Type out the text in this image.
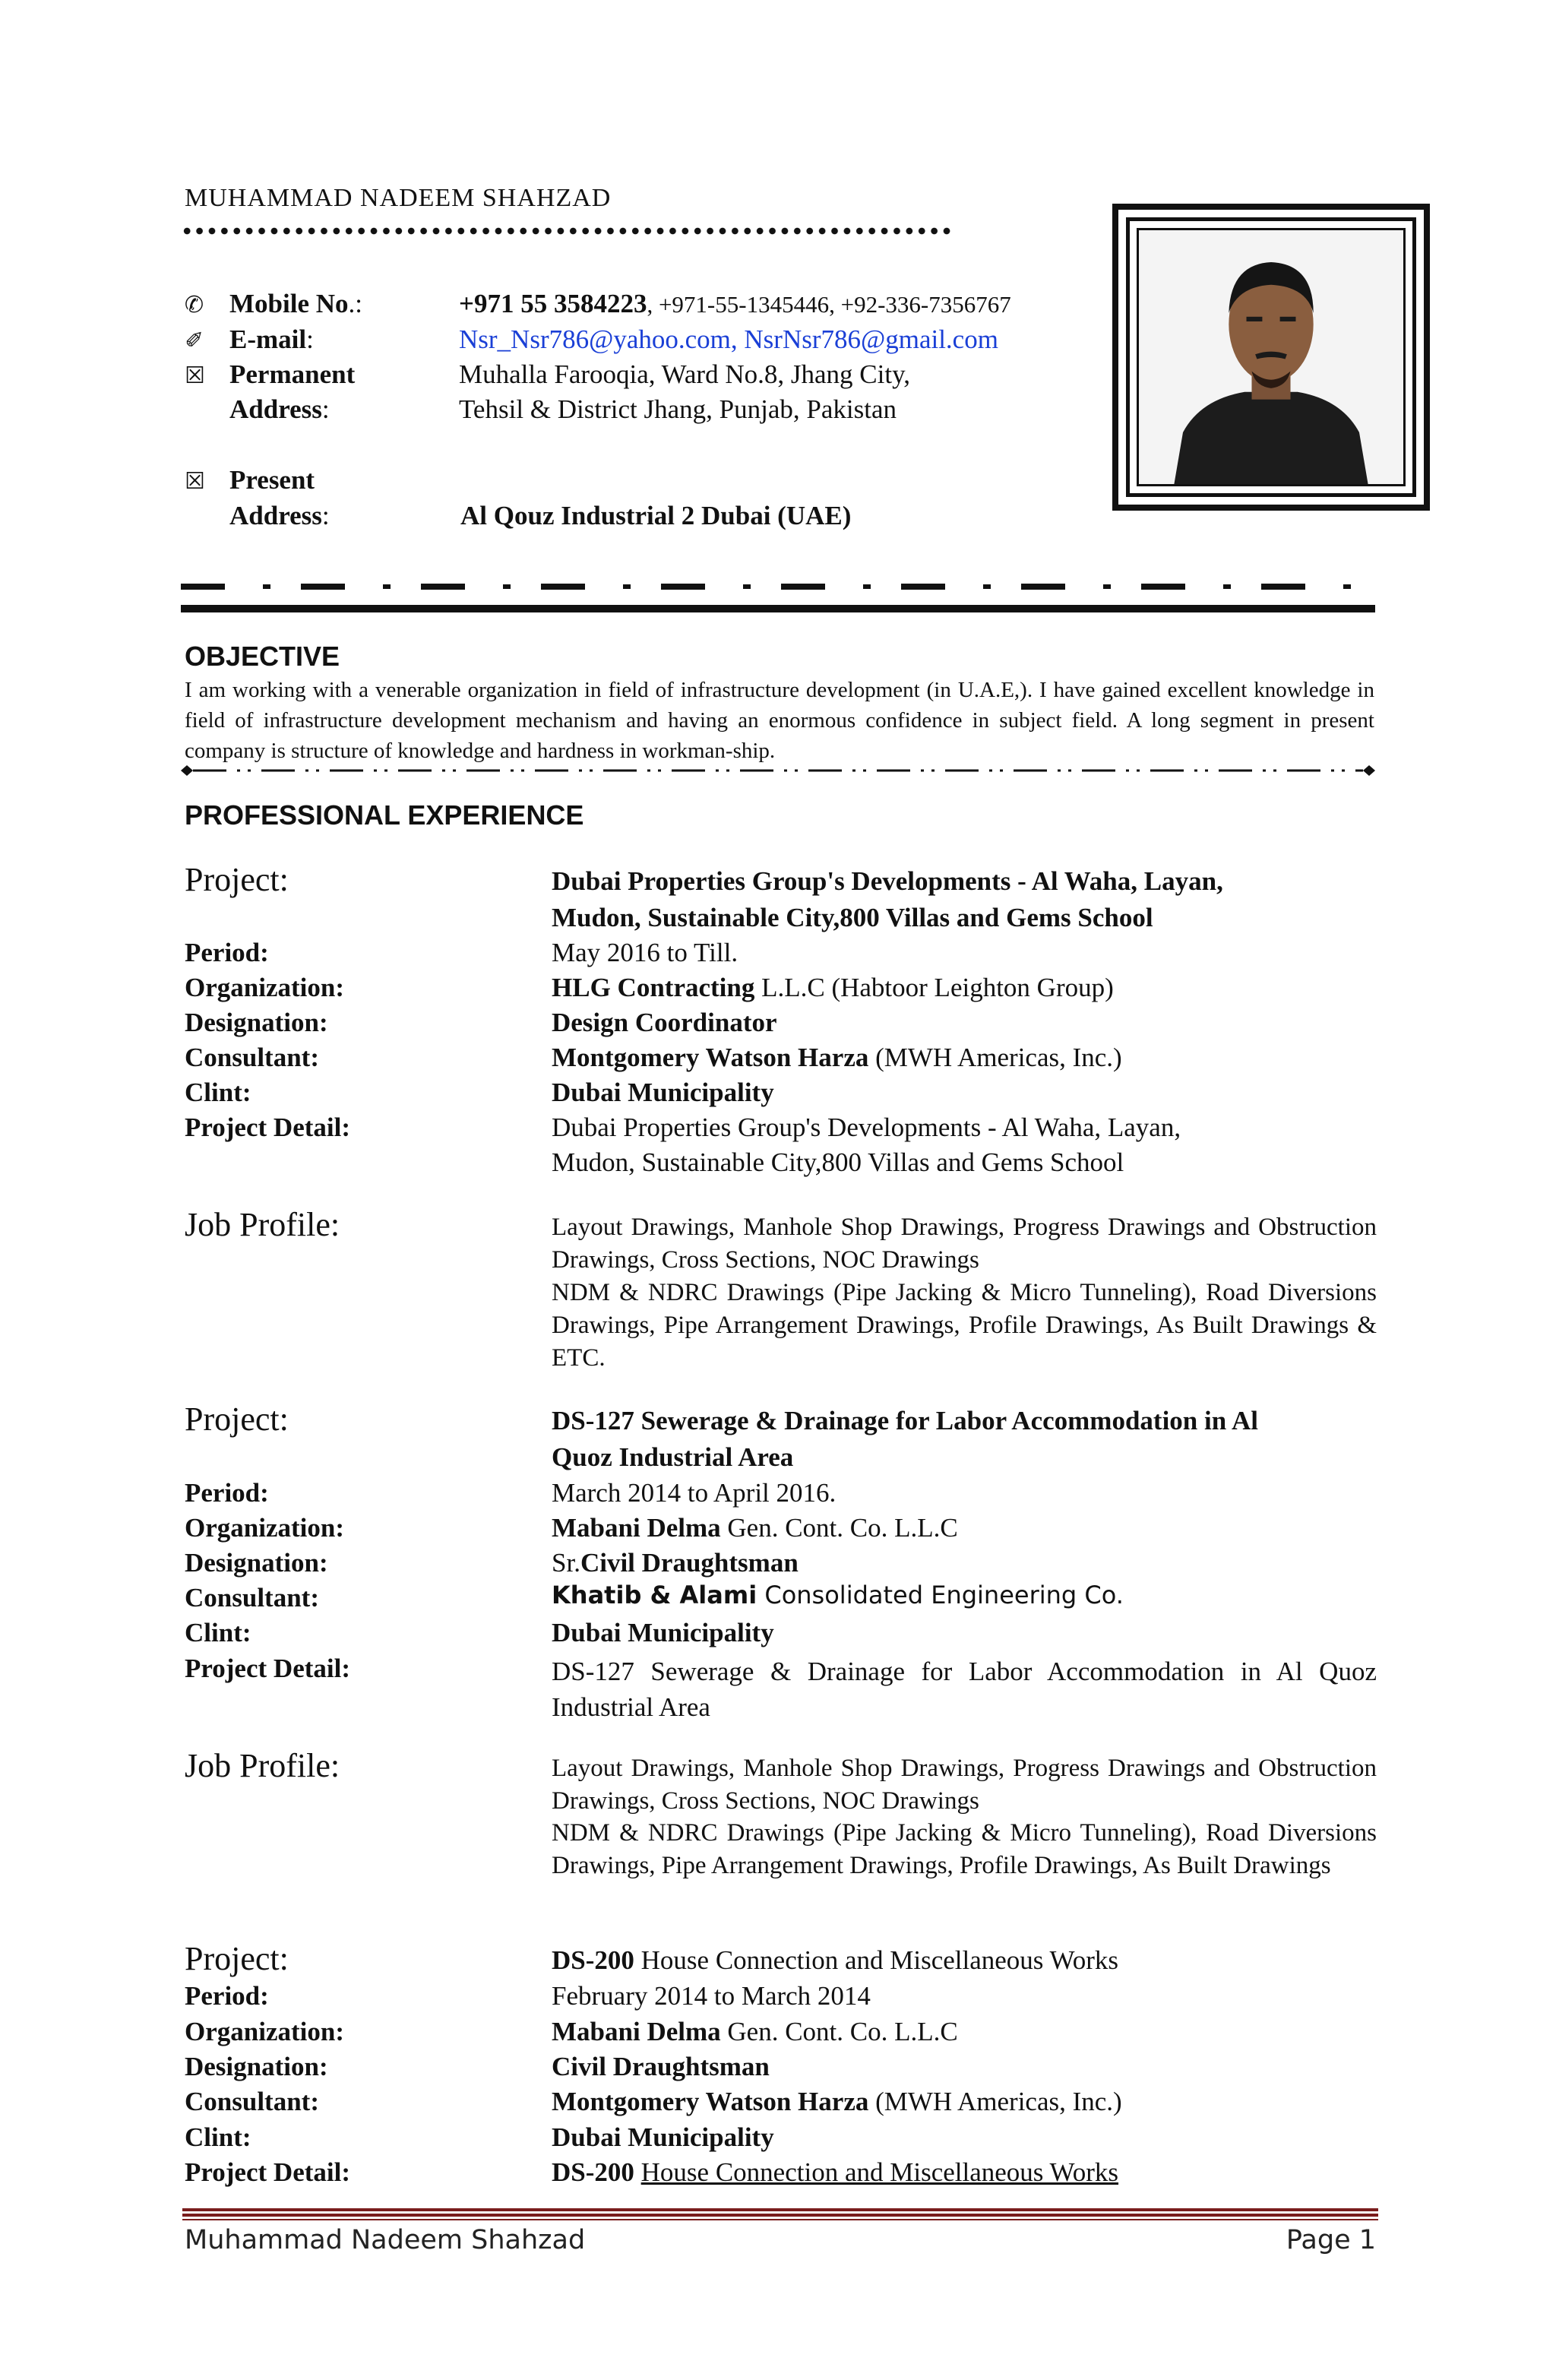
MUHAMMAD NADEEM SHAHZAD
✆ Mobile No.:	+971 55 3584223, +971-55-1345446, +92-336-7356767
✐ E-mail:	Nsr_Nsr786@yahoo.com, NsrNsr786@gmail.com
☒ Permanent
Address:
Muhalla Farooqia, Ward No.8, Jhang City,
Tehsil & District Jhang, Punjab, Pakistan
☒ Present
Address:	Al Qouz Industrial 2 Dubai (UAE)
OBJECTIVE
I am working with a venerable organization in field of infrastructure development (in U.A.E,). I have gained excellent knowledge in field of infrastructure development mechanism and having an enormous confidence in subject field. A long segment in present company is structure of knowledge and hardness in workman-ship.
PROFESSIONAL EXPERIENCE
Project:	Dubai Properties Group's Developments - Al Waha, Layan,
Mudon, Sustainable City,800 Villas and Gems School
Period:	May 2016 to Till.
Organization:	HLG Contracting L.L.C (Habtoor Leighton Group)
Designation:	Design Coordinator
Consultant:	Montgomery Watson Harza (MWH Americas, Inc.)
Clint:	Dubai Municipality
Project Detail:	Dubai Properties Group's Developments - Al Waha, Layan,
Mudon, Sustainable City,800 Villas and Gems School
Job Profile:	Layout Drawings, Manhole Shop Drawings, Progress Drawings and Obstruction Drawings, Cross Sections, NOC Drawings
NDM & NDRC Drawings (Pipe Jacking & Micro Tunneling), Road Diversions Drawings, Pipe Arrangement Drawings, Profile Drawings, As Built Drawings & ETC.
Project:	DS-127 Sewerage & Drainage for Labor Accommodation in Al
Quoz Industrial Area
Period:	March 2014 to April 2016.
Organization:	Mabani Delma Gen. Cont. Co. L.L.C
Designation:	Sr.Civil Draughtsman
Consultant:	Khatib & Alami Consolidated Engineering Co.
Clint:	Dubai Municipality
Project Detail:	DS-127 Sewerage & Drainage for Labor Accommodation in Al Quoz Industrial Area
Job Profile:	Layout Drawings, Manhole Shop Drawings, Progress Drawings and Obstruction Drawings, Cross Sections, NOC Drawings
NDM & NDRC Drawings (Pipe Jacking & Micro Tunneling), Road Diversions Drawings, Pipe Arrangement Drawings, Profile Drawings, As Built Drawings
Project:	DS-200 House Connection and Miscellaneous Works
Period:	February 2014 to March 2014
Organization:	Mabani Delma Gen. Cont. Co. L.L.C
Designation:	Civil Draughtsman
Consultant:	Montgomery Watson Harza (MWH Americas, Inc.)
Clint:	Dubai Municipality
Project Detail:	DS-200 House Connection and Miscellaneous Works
Muhammad Nadeem Shahzad	Page 1
